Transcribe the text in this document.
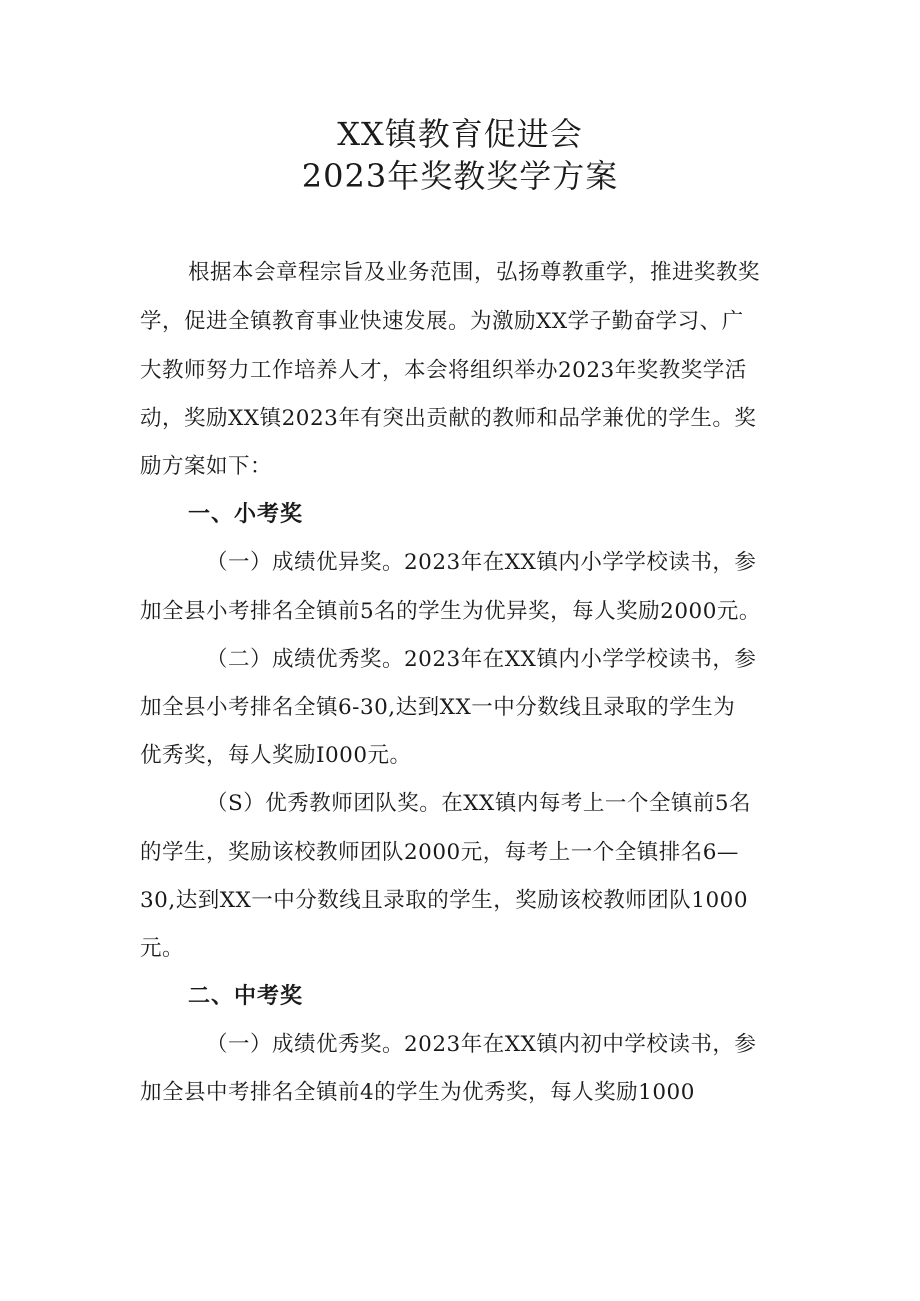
XX镇教育促进会
2023年奖教奖学方案
根据本会章程宗旨及业务范围，弘扬尊教重学，推进奖教奖
学，促进全镇教育事业快速发展。为激励XX学子勤奋学习、广
大教师努力工作培养人才，本会将组织举办2023年奖教奖学活
动，奖励XX镇2023年有突出贡献的教师和品学兼优的学生。奖
励方案如下：
一、小考奖
（一）成绩优异奖。2023年在XX镇内小学学校读书，参
加全县小考排名全镇前5名的学生为优异奖，每人奖励2000元。
（二）成绩优秀奖。2023年在XX镇内小学学校读书，参
加全县小考排名全镇6-30,达到XX一中分数线且录取的学生为
优秀奖，每人奖励I000元。
（S）优秀教师团队奖。在XX镇内每考上一个全镇前5名
的学生，奖励该校教师团队2000元，每考上一个全镇排名6—
30,达到XX一中分数线且录取的学生，奖励该校教师团队1000
元。
二、中考奖
（一）成绩优秀奖。2023年在XX镇内初中学校读书，参
加全县中考排名全镇前4的学生为优秀奖，每人奖励1000
